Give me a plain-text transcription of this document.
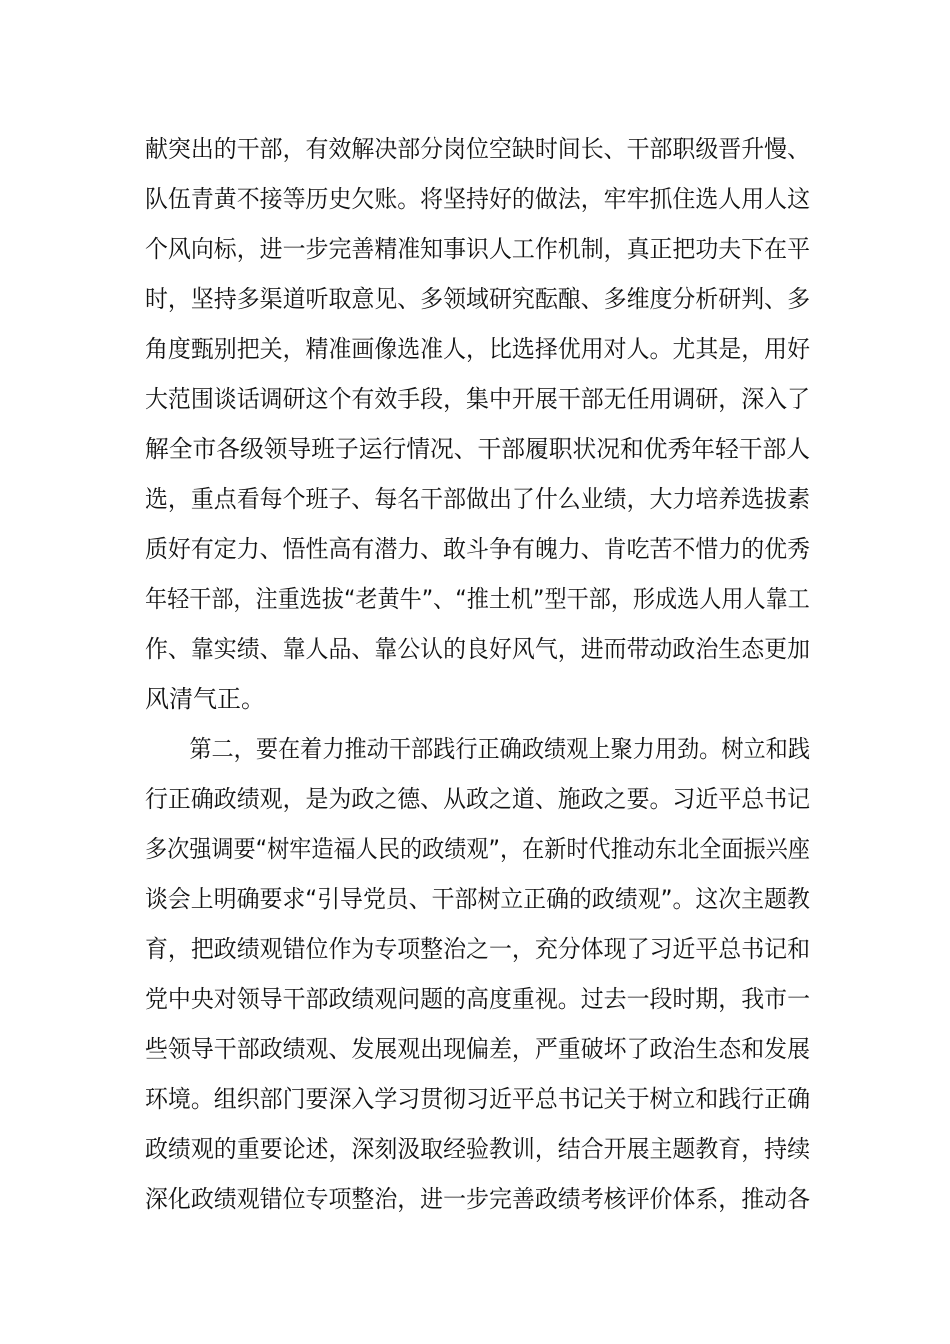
献突出的干部，有效解决部分岗位空缺时间长、干部职级晋升慢、
队伍青黄不接等历史欠账。将坚持好的做法，牢牢抓住选人用人这
个风向标，进一步完善精准知事识人工作机制，真正把功夫下在平
时，坚持多渠道听取意见、多领域研究酝酿、多维度分析研判、多
角度甄别把关，精准画像选准人，比选择优用对人。尤其是，用好
大范围谈话调研这个有效手段，集中开展干部无任用调研，深入了
解全市各级领导班子运行情况、干部履职状况和优秀年轻干部人
选，重点看每个班子、每名干部做出了什么业绩，大力培养选拔素
质好有定力、悟性高有潜力、敢斗争有魄力、肯吃苦不惜力的优秀
年轻干部，注重选拔“老黄牛”、“推土机”型干部，形成选人用人靠工
作、靠实绩、靠人品、靠公认的良好风气，进而带动政治生态更加
风清气正。
　　第二，要在着力推动干部践行正确政绩观上聚力用劲。树立和践
行正确政绩观，是为政之德、从政之道、施政之要。习近平总书记
多次强调要“树牢造福人民的政绩观”，在新时代推动东北全面振兴座
谈会上明确要求“引导党员、干部树立正确的政绩观”。这次主题教
育，把政绩观错位作为专项整治之一，充分体现了习近平总书记和
党中央对领导干部政绩观问题的高度重视。过去一段时期，我市一
些领导干部政绩观、发展观出现偏差，严重破坏了政治生态和发展
环境。组织部门要深入学习贯彻习近平总书记关于树立和践行正确
政绩观的重要论述，深刻汲取经验教训，结合开展主题教育，持续
深化政绩观错位专项整治，进一步完善政绩考核评价体系，推动各
